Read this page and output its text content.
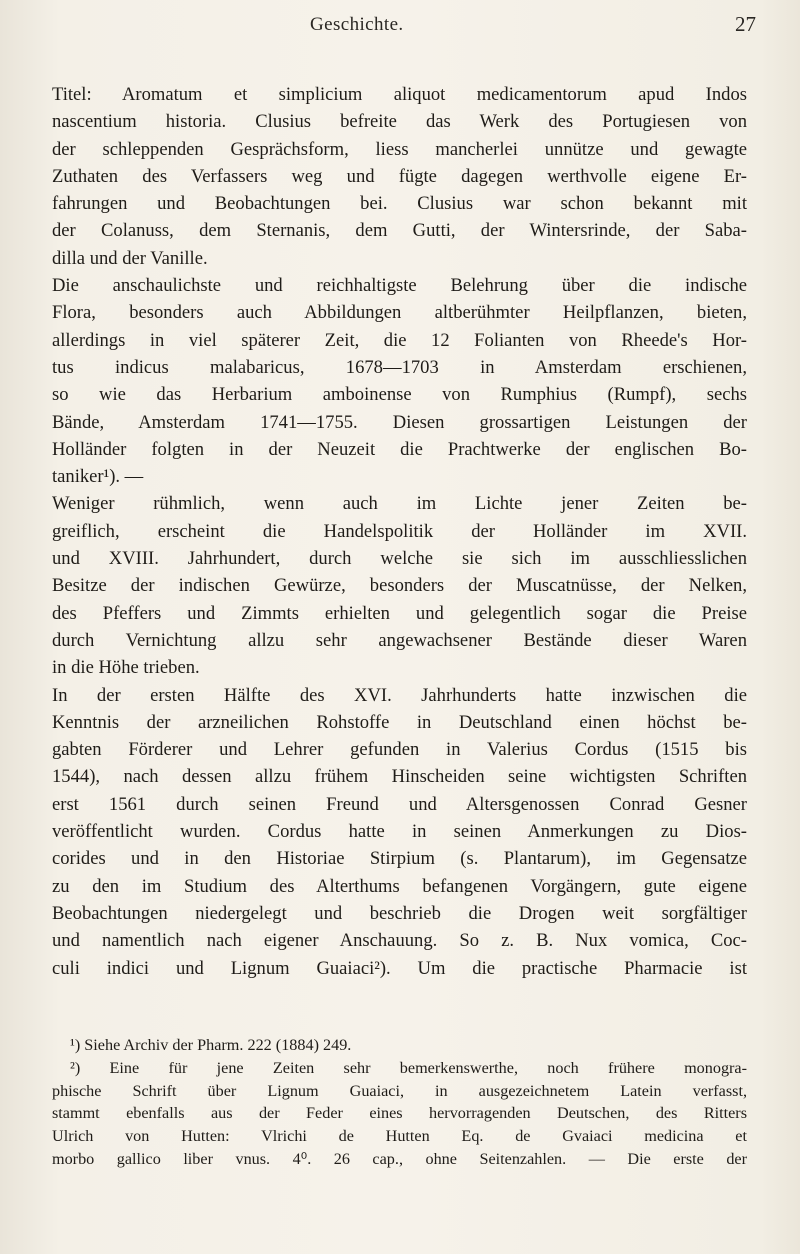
Geschichte.	27
Titel: Aromatum et simplicium aliquot medicamentorum apud Indos
nascentium historia. Clusius befreite das Werk des Portugiesen von
der schleppenden Gesprächsform, liess mancherlei unnütze und gewagte
Zuthaten des Verfassers weg und fügte dagegen werthvolle eigene Er-
fahrungen und Beobachtungen bei. Clusius war schon bekannt mit
der Colanuss, dem Sternanis, dem Gutti, der Wintersrinde, der Saba-
dilla und der Vanille.
Die anschaulichste und reichhaltigste Belehrung über die indische
Flora, besonders auch Abbildungen altberühmter Heilpflanzen, bieten,
allerdings in viel späterer Zeit, die 12 Folianten von Rheede's Hor-
tus indicus malabaricus, 1678—1703 in Amsterdam erschienen,
so wie das Herbarium amboinense von Rumphius (Rumpf), sechs
Bände, Amsterdam 1741—1755. Diesen grossartigen Leistungen der
Holländer folgten in der Neuzeit die Prachtwerke der englischen Bo-
taniker¹). —
Weniger rühmlich, wenn auch im Lichte jener Zeiten be-
greiflich, erscheint die Handelspolitik der Holländer im XVII.
und XVIII. Jahrhundert, durch welche sie sich im ausschliesslichen
Besitze der indischen Gewürze, besonders der Muscatnüsse, der Nelken,
des Pfeffers und Zimmts erhielten und gelegentlich sogar die Preise
durch Vernichtung allzu sehr angewachsener Bestände dieser Waren
in die Höhe trieben.
In der ersten Hälfte des XVI. Jahrhunderts hatte inzwischen die
Kenntnis der arzneilichen Rohstoffe in Deutschland einen höchst be-
gabten Förderer und Lehrer gefunden in Valerius Cordus (1515 bis
1544), nach dessen allzu frühem Hinscheiden seine wichtigsten Schriften
erst 1561 durch seinen Freund und Altersgenossen Conrad Gesner
veröffentlicht wurden. Cordus hatte in seinen Anmerkungen zu Dios-
corides und in den Historiae Stirpium (s. Plantarum), im Gegensatze
zu den im Studium des Alterthums befangenen Vorgängern, gute eigene
Beobachtungen niedergelegt und beschrieb die Drogen weit sorgfältiger
und namentlich nach eigener Anschauung. So z. B. Nux vomica, Coc-
culi indici und Lignum Guaiaci²). Um die practische Pharmacie ist
¹) Siehe Archiv der Pharm. 222 (1884) 249.
²) Eine für jene Zeiten sehr bemerkenswerthe, noch frühere monogra-
phische Schrift über Lignum Guaiaci, in ausgezeichnetem Latein verfasst,
stammt ebenfalls aus der Feder eines hervorragenden Deutschen, des Ritters
Ulrich von Hutten: Vlrichi de Hutten Eq. de Gvaiaci medicina et
morbo gallico liber vnus. 4⁰. 26 cap., ohne Seitenzahlen. — Die erste der
